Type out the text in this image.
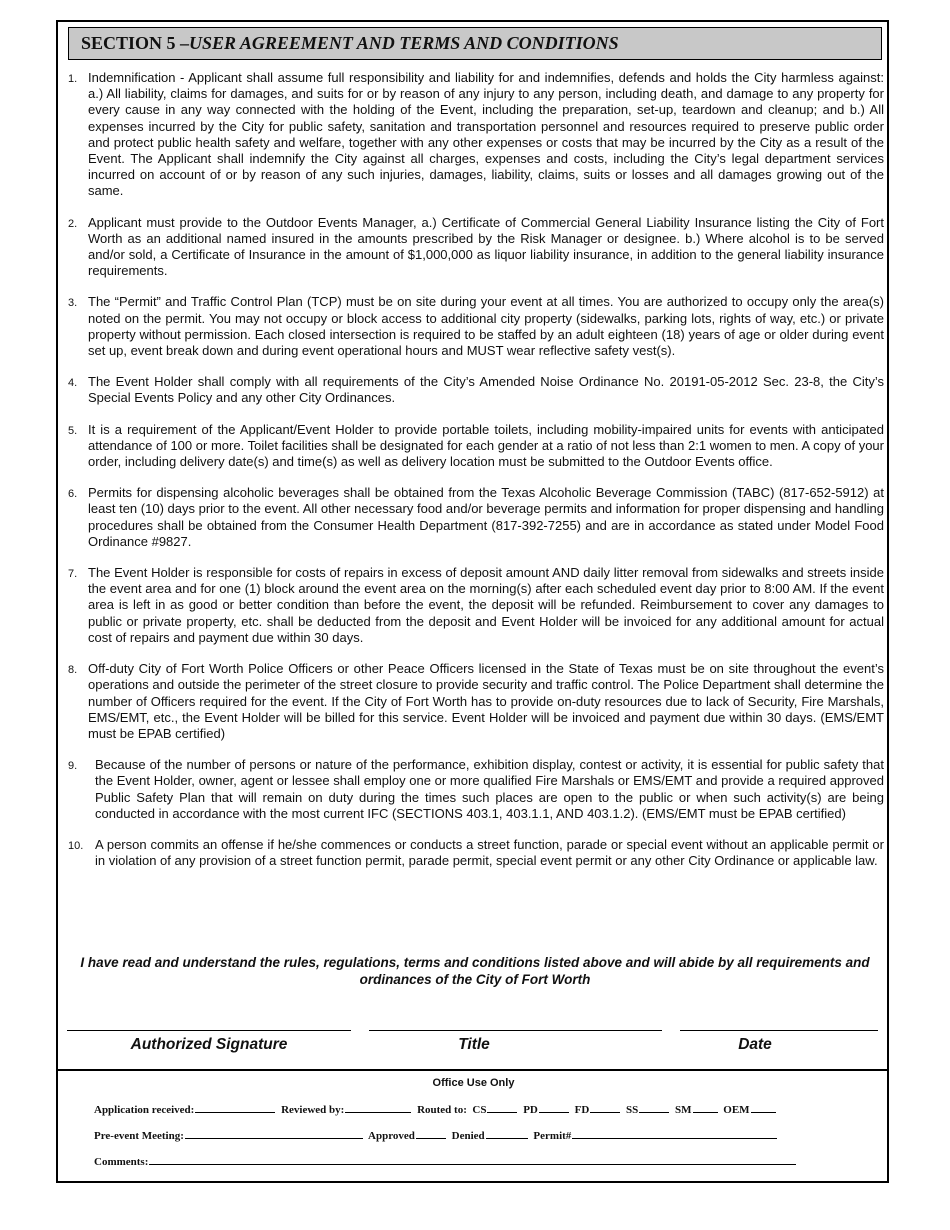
SECTION 5 – USER AGREEMENT AND TERMS AND CONDITIONS
1. Indemnification - Applicant shall assume full responsibility and liability for and indemnifies, defends and holds the City harmless against: a.) All liability, claims for damages, and suits for or by reason of any injury to any person, including death, and damage to any property for every cause in any way connected with the holding of the Event, including the preparation, set-up, teardown and cleanup; and b.) All expenses incurred by the City for public safety, sanitation and transportation personnel and resources required to preserve public order and protect public health safety and welfare, together with any other expenses or costs that may be incurred by the City as a result of the Event. The Applicant shall indemnify the City against all charges, expenses and costs, including the City’s legal department services incurred on account of or by reason of any such injuries, damages, liability, claims, suits or losses and all damages growing out of the same.
2. Applicant must provide to the Outdoor Events Manager, a.) Certificate of Commercial General Liability Insurance listing the City of Fort Worth as an additional named insured in the amounts prescribed by the Risk Manager or designee. b.) Where alcohol is to be served and/or sold, a Certificate of Insurance in the amount of $1,000,000 as liquor liability insurance, in addition to the general liability insurance requirements.
3. The “Permit” and Traffic Control Plan (TCP) must be on site during your event at all times. You are authorized to occupy only the area(s) noted on the permit. You may not occupy or block access to additional city property (sidewalks, parking lots, rights of way, etc.) or private property without permission. Each closed intersection is required to be staffed by an adult eighteen (18) years of age or older during event set up, event break down and during event operational hours and MUST wear reflective safety vest(s).
4. The Event Holder shall comply with all requirements of the City’s Amended Noise Ordinance No. 20191-05-2012 Sec. 23-8, the City’s Special Events Policy and any other City Ordinances.
5. It is a requirement of the Applicant/Event Holder to provide portable toilets, including mobility-impaired units for events with anticipated attendance of 100 or more. Toilet facilities shall be designated for each gender at a ratio of not less than 2:1 women to men. A copy of your order, including delivery date(s) and time(s) as well as delivery location must be submitted to the Outdoor Events office.
6. Permits for dispensing alcoholic beverages shall be obtained from the Texas Alcoholic Beverage Commission (TABC) (817-652-5912) at least ten (10) days prior to the event. All other necessary food and/or beverage permits and information for proper dispensing and handling procedures shall be obtained from the Consumer Health Department (817-392-7255) and are in accordance as stated under Model Food Ordinance #9827.
7. The Event Holder is responsible for costs of repairs in excess of deposit amount AND daily litter removal from sidewalks and streets inside the event area and for one (1) block around the event area on the morning(s) after each scheduled event day prior to 8:00 AM. If the event area is left in as good or better condition than before the event, the deposit will be refunded. Reimbursement to cover any damages to public or private property, etc. shall be deducted from the deposit and Event Holder will be invoiced for any additional amount for actual cost of repairs and payment due within 30 days.
8. Off-duty City of Fort Worth Police Officers or other Peace Officers licensed in the State of Texas must be on site throughout the event’s operations and outside the perimeter of the street closure to provide security and traffic control. The Police Department shall determine the number of Officers required for the event. If the City of Fort Worth has to provide on-duty resources due to lack of Security, Fire Marshals, EMS/EMT, etc., the Event Holder will be billed for this service. Event Holder will be invoiced and payment due within 30 days. (EMS/EMT must be EPAB certified)
9. Because of the number of persons or nature of the performance, exhibition display, contest or activity, it is essential for public safety that the Event Holder, owner, agent or lessee shall employ one or more qualified Fire Marshals or EMS/EMT and provide a required approved Public Safety Plan that will remain on duty during the times such places are open to the public or when such activity(s) are being conducted in accordance with the most current IFC (SECTIONS 403.1, 403.1.1, AND 403.1.2). (EMS/EMT must be EPAB certified)
10. A person commits an offense if he/she commences or conducts a street function, parade or special event without an applicable permit or in violation of any provision of a street function permit, parade permit, special event permit or any other City Ordinance or applicable law.
I have read and understand the rules, regulations, terms and conditions listed above and will abide by all requirements and ordinances of the City of Fort Worth
Authorized Signature	Title	Date
Office Use Only
Application received:	Reviewed by:	Routed to: CS	PD	FD	SS	SM	OEM
Pre-event Meeting:	Approved	Denied	Permit#
Comments:
